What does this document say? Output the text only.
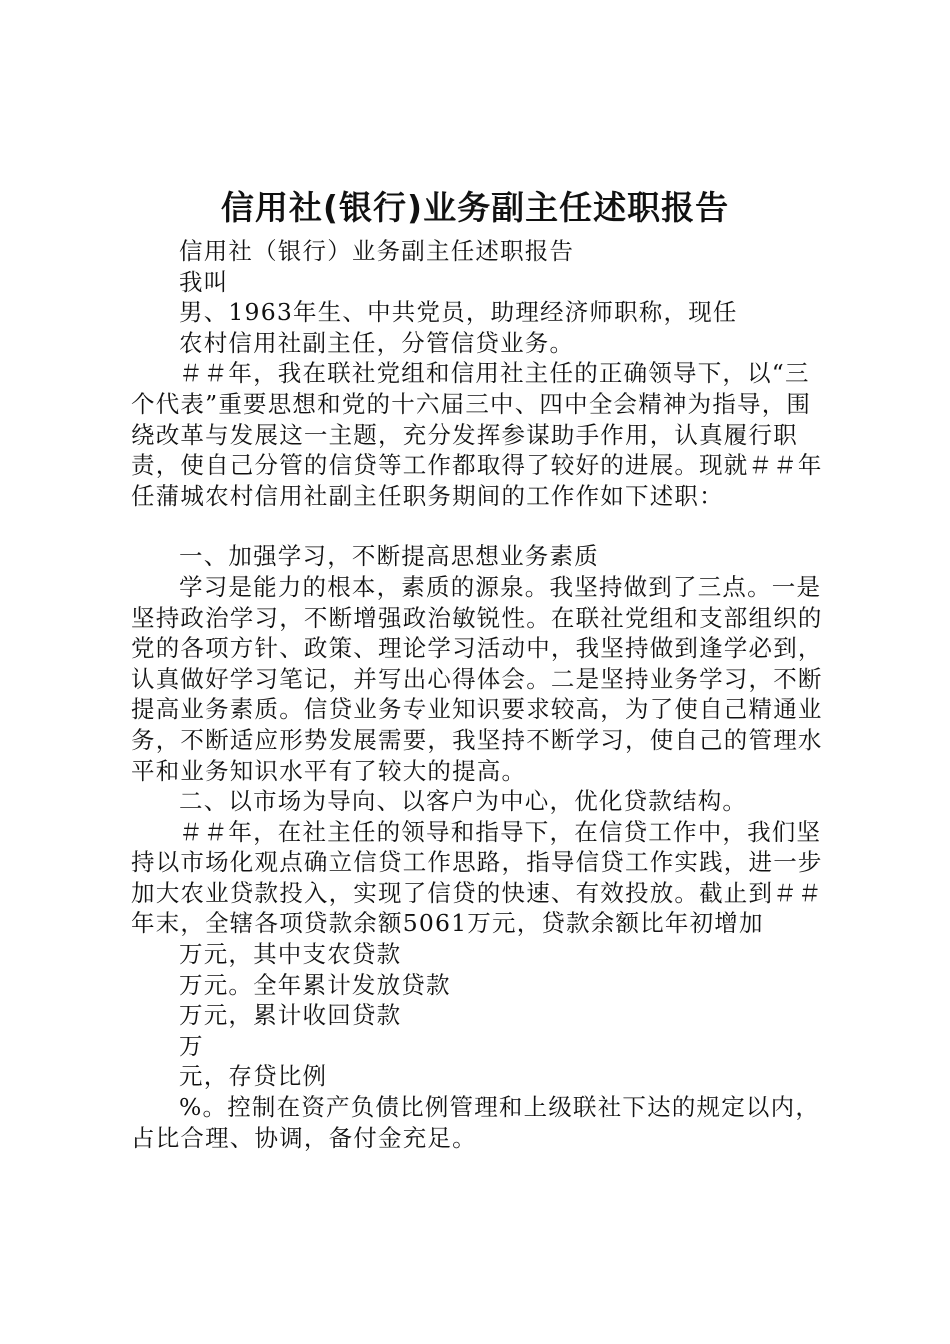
信用社(银行)业务副主任述职报告

信用社（银行）业务副主任述职报告

我叫

男、1963年生、中共党员，助理经济师职称，现任

农村信用社副主任，分管信贷业务。

＃＃年，我在联社党组和信用社主任的正确领导下，以“三个代表”重要思想和党的十六届三中、四中全会精神为指导，围绕改革与发展这一主题，充分发挥参谋助手作用，认真履行职责，使自己分管的信贷等工作都取得了较好的进展。现就＃＃年任蒲城农村信用社副主任职务期间的工作作如下述职：

一、加强学习，不断提高思想业务素质

学习是能力的根本，素质的源泉。我坚持做到了三点。一是坚持政治学习，不断增强政治敏锐性。在联社党组和支部组织的党的各项方针、政策、理论学习活动中，我坚持做到逢学必到，认真做好学习笔记，并写出心得体会。二是坚持业务学习，不断提高业务素质。信贷业务专业知识要求较高，为了使自己精通业务，不断适应形势发展需要，我坚持不断学习，使自己的管理水平和业务知识水平有了较大的提高。

二、以市场为导向、以客户为中心，优化贷款结构。

＃＃年，在社主任的领导和指导下，在信贷工作中，我们坚持以市场化观点确立信贷工作思路，指导信贷工作实践，进一步加大农业贷款投入，实现了信贷的快速、有效投放。截止到＃＃年末，全辖各项贷款余额5061万元，贷款余额比年初增加

万元，其中支农贷款

万元。全年累计发放贷款

万元，累计收回贷款

万

元，存贷比例

%。控制在资产负债比例管理和上级联社下达的规定以内，占比合理、协调，备付金充足。
